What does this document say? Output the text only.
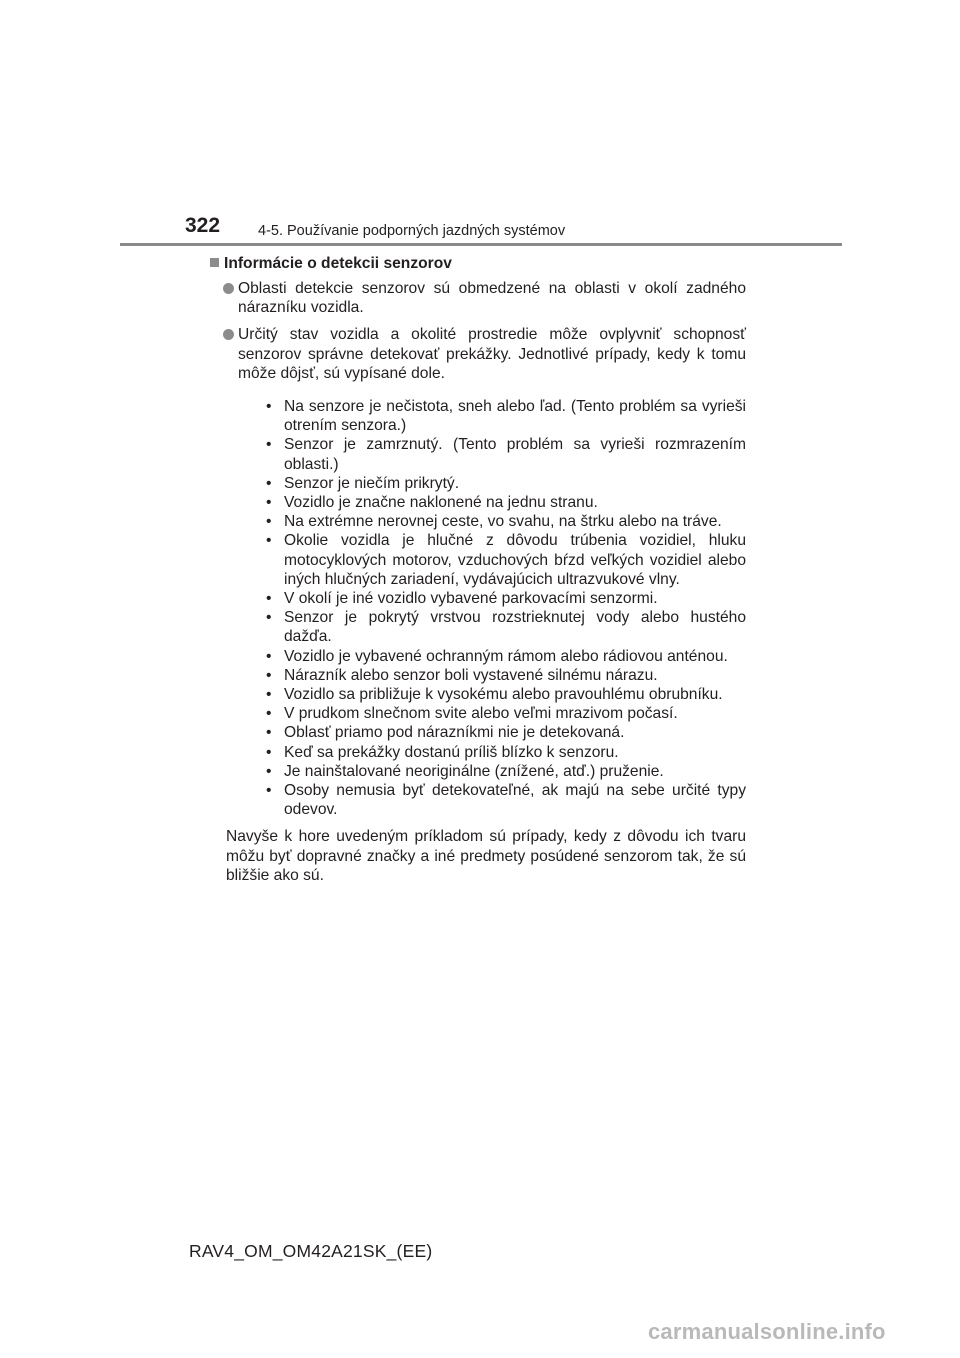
322	4-5. Používanie podporných jazdných systémov
Informácie o detekcii senzorov
Oblasti detekcie senzorov sú obmedzené na oblasti v okolí zadného nárazníku vozidla.
Určitý stav vozidla a okolité prostredie môže ovplyvniť schopnosť senzorov správne detekovať prekážky. Jednotlivé prípady, kedy k tomu môže dôjsť, sú vypísané dole.
• Na senzore je nečistota, sneh alebo ľad. (Tento problém sa vyrieši otrením senzora.)
• Senzor je zamrznutý. (Tento problém sa vyrieši rozmrazením oblasti.)
• Senzor je niečím prikrytý.
• Vozidlo je značne naklonené na jednu stranu.
• Na extrémne nerovnej ceste, vo svahu, na štrku alebo na tráve.
• Okolie vozidla je hlučné z dôvodu trúbenia vozidiel, hluku motocyklových motorov, vzduchových bŕzd veľkých vozidiel alebo iných hlučných zariadení, vydávajúcich ultrazvukové vlny.
• V okolí je iné vozidlo vybavené parkovacími senzormi.
• Senzor je pokrytý vrstvou rozstrieknutej vody alebo hustého dažďa.
• Vozidlo je vybavené ochranným rámom alebo rádiovou anténou.
• Nárazník alebo senzor boli vystavené silnému nárazu.
• Vozidlo sa približuje k vysokému alebo pravouhlému obrubníku.
• V prudkom slnečnom svite alebo veľmi mrazivom počasí.
• Oblasť priamo pod nárazníkmi nie je detekovaná.
• Keď sa prekážky dostanú príliš blízko k senzoru.
• Je nainštalované neoriginálne (znížené, atď.) pruženie.
• Osoby nemusia byť detekovateľné, ak majú na sebe určité typy odevov.
Navyše k hore uvedeným príkladom sú prípady, kedy z dôvodu ich tvaru môžu byť dopravné značky a iné predmety posúdené senzorom tak, že sú bližšie ako sú.
RAV4_OM_OM42A21SK_(EE)
carmanualsonline.info
